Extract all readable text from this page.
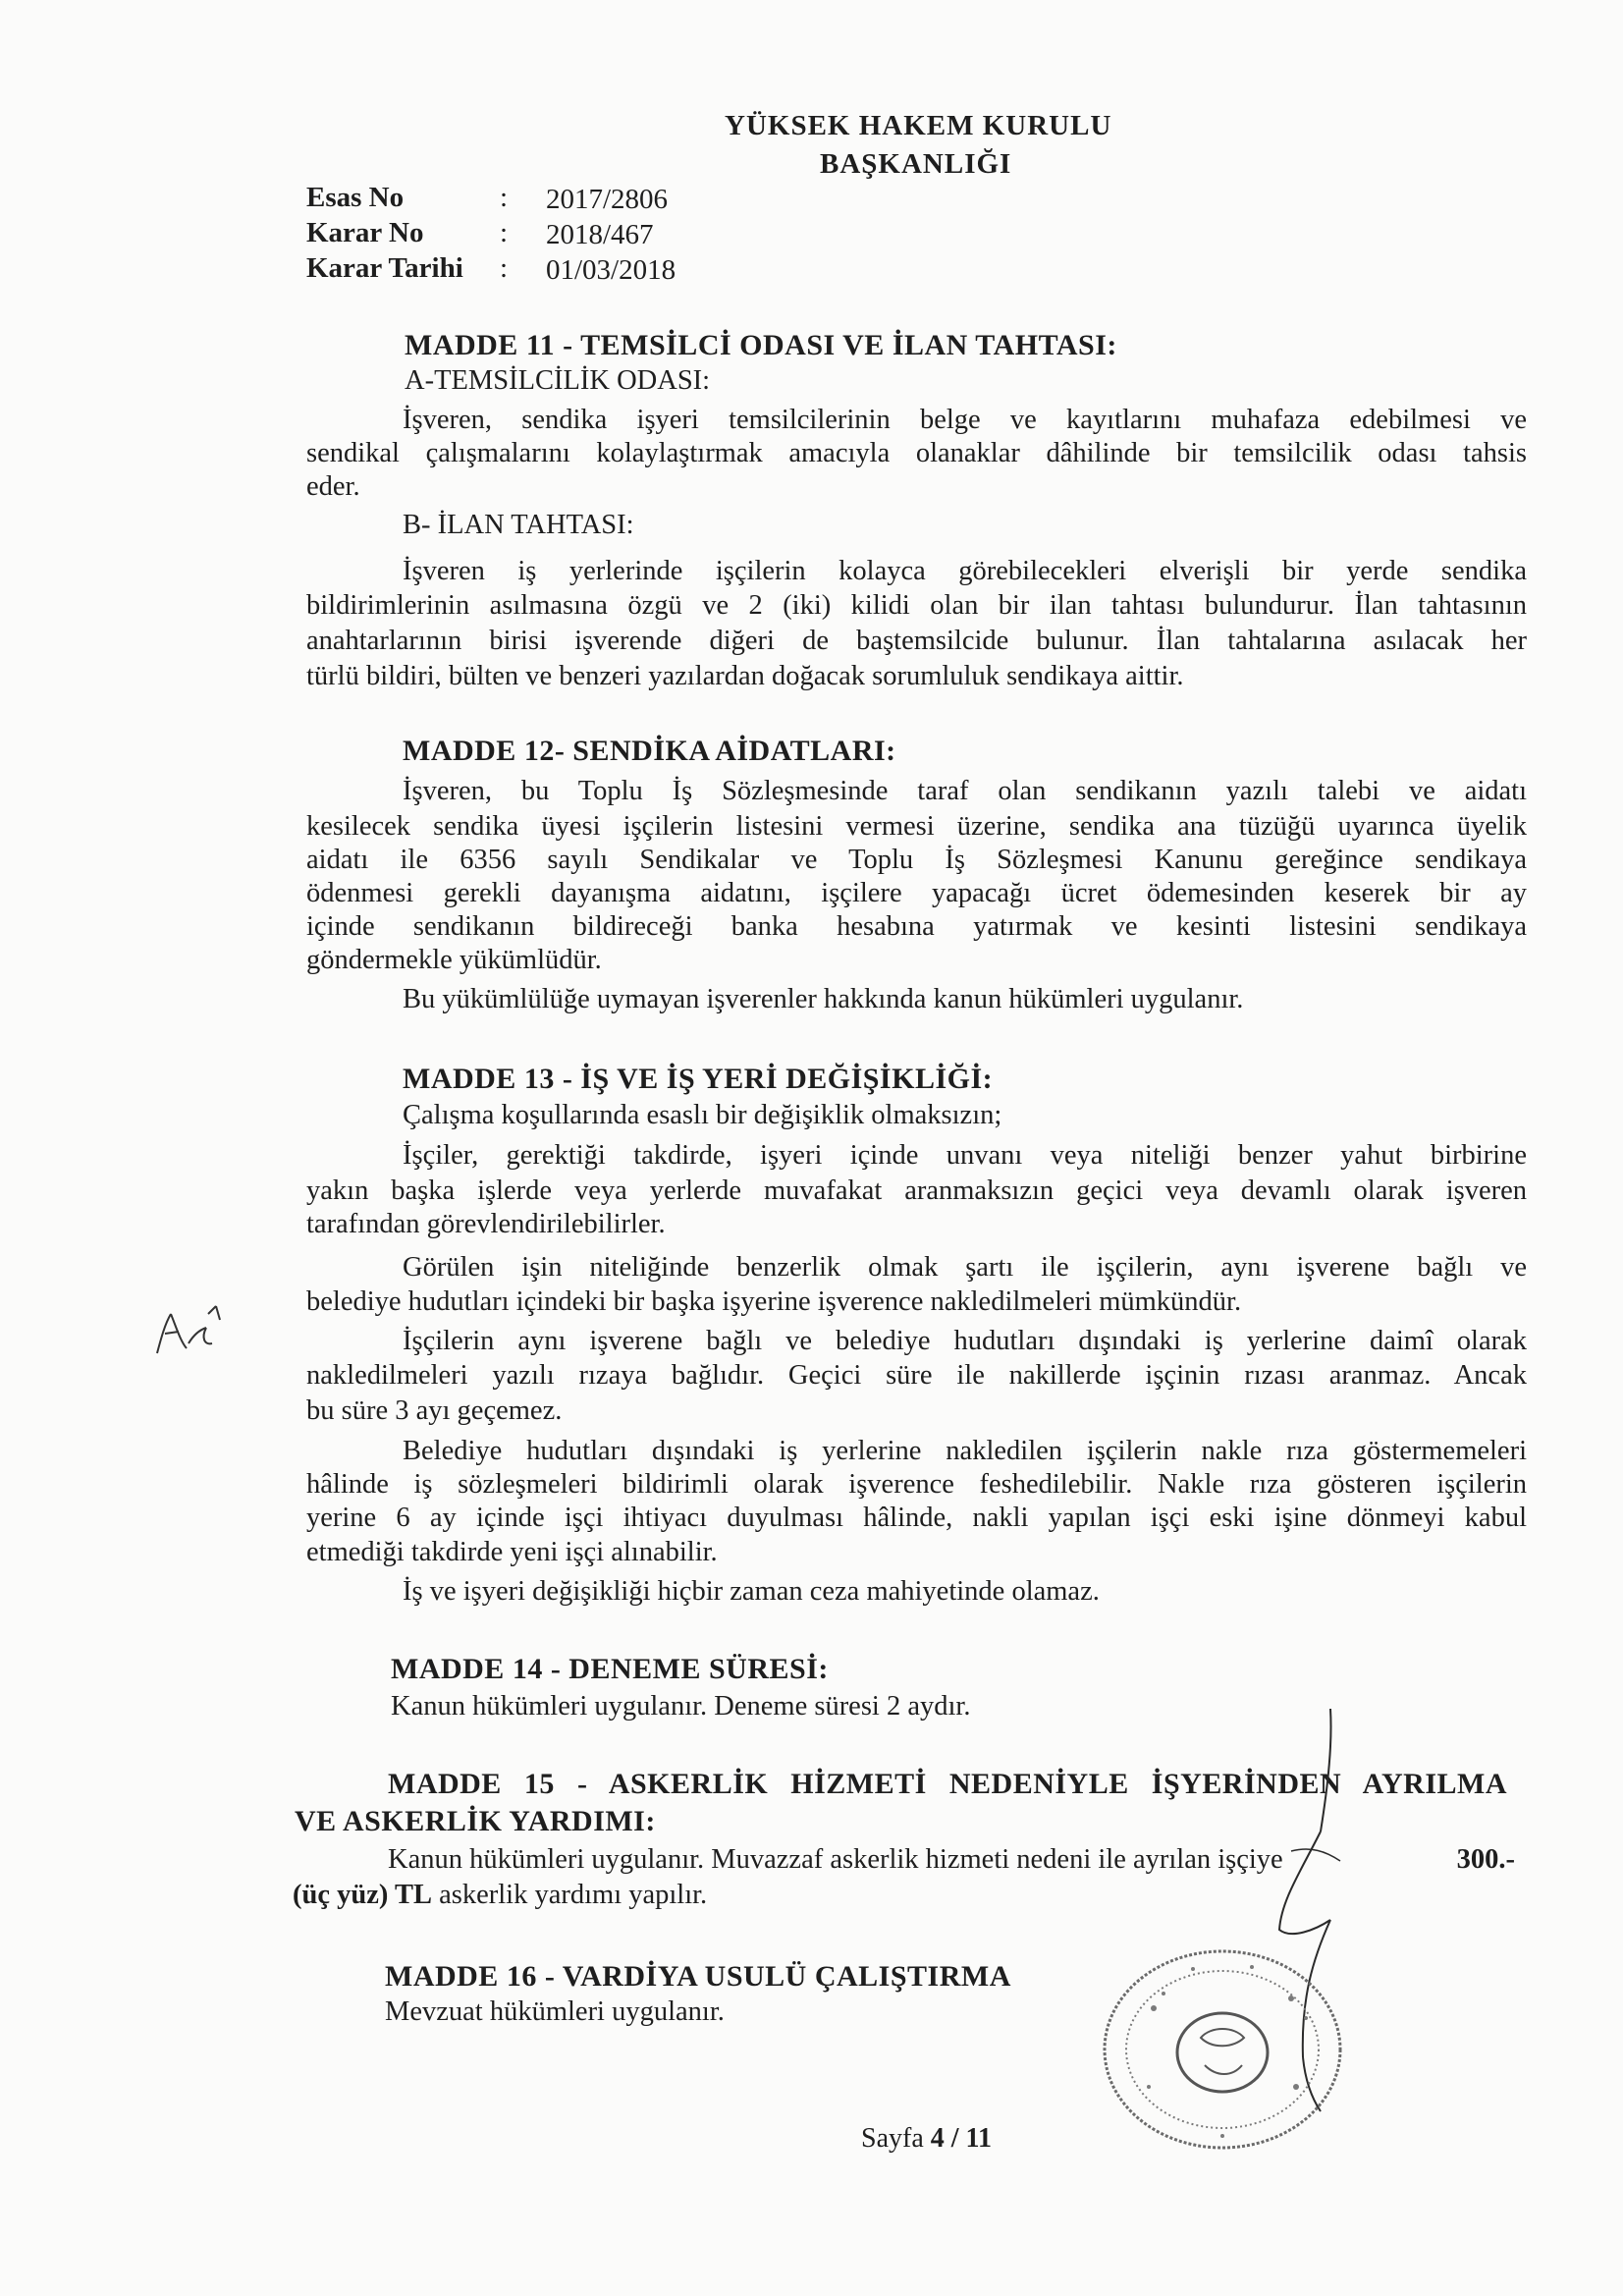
YÜKSEK HAKEM KURULU
BAŞKANLIĞI
Esas No	: 2017/2806
Karar No	: 2018/467
Karar Tarihi : 01/03/2018
MADDE 11 - TEMSİLCİ ODASI VE İLAN TAHTASI:
A-TEMSİLCİLİK ODASI:
İşveren, sendika işyeri temsilcilerinin belge ve kayıtlarını muhafaza edebilmesi ve
sendikal çalışmalarını kolaylaştırmak amacıyla olanaklar dâhilinde bir temsilcilik odası tahsis
eder.
B- İLAN TAHTASI:
İşveren iş yerlerinde işçilerin kolayca görebilecekleri elverişli bir yerde sendika
bildirimlerinin asılmasına özgü ve 2 (iki) kilidi olan bir ilan tahtası bulundurur. İlan tahtasının
anahtarlarının birisi işverende diğeri de baştemsilcide bulunur. İlan tahtalarına asılacak her
türlü bildiri, bülten ve benzeri yazılardan doğacak sorumluluk sendikaya aittir.
MADDE 12- SENDİKA AİDATLARI:
İşveren, bu Toplu İş Sözleşmesinde taraf olan sendikanın yazılı talebi ve aidatı
kesilecek sendika üyesi işçilerin listesini vermesi üzerine, sendika ana tüzüğü uyarınca üyelik
aidatı ile 6356 sayılı Sendikalar ve Toplu İş Sözleşmesi Kanunu gereğince sendikaya
ödenmesi gerekli dayanışma aidatını, işçilere yapacağı ücret ödemesinden keserek bir ay
içinde sendikanın bildireceği banka hesabına yatırmak ve kesinti listesini sendikaya
göndermekle yükümlüdür.
Bu yükümlülüğe uymayan işverenler hakkında kanun hükümleri uygulanır.
MADDE 13 - İŞ VE İŞ YERİ DEĞİŞİKLİĞİ:
Çalışma koşullarında esaslı bir değişiklik olmaksızın;
İşçiler, gerektiği takdirde, işyeri içinde unvanı veya niteliği benzer yahut birbirine
yakın başka işlerde veya yerlerde muvafakat aranmaksızın geçici veya devamlı olarak işveren
tarafından görevlendirilebilirler.
Görülen işin niteliğinde benzerlik olmak şartı ile işçilerin, aynı işverene bağlı ve
belediye hudutları içindeki bir başka işyerine işverence nakledilmeleri mümkündür.
İşçilerin aynı işverene bağlı ve belediye hudutları dışındaki iş yerlerine daimî olarak
nakledilmeleri yazılı rızaya bağlıdır. Geçici süre ile nakillerde işçinin rızası aranmaz. Ancak
bu süre 3 ayı geçemez.
Belediye hudutları dışındaki iş yerlerine nakledilen işçilerin nakle rıza göstermemeleri
hâlinde iş sözleşmeleri bildirimli olarak işverence feshedilebilir. Nakle rıza gösteren işçilerin
yerine 6 ay içinde işçi ihtiyacı duyulması hâlinde, nakli yapılan işçi eski işine dönmeyi kabul
etmediği takdirde yeni işçi alınabilir.
İş ve işyeri değişikliği hiçbir zaman ceza mahiyetinde olamaz.
MADDE 14 - DENEME SÜRESİ:
Kanun hükümleri uygulanır. Deneme süresi 2 aydır.
MADDE 15 - ASKERLİK HİZMETİ NEDENİYLE İŞYERİNDEN AYRILMA
VE ASKERLİK YARDIMI:
Kanun hükümleri uygulanır. Muvazzaf askerlik hizmeti nedeni ile ayrılan işçiye	300.-
(üç yüz) TL askerlik yardımı yapılır.
MADDE 16 - VARDİYA USULÜ ÇALIŞTIRMA
Mevzuat hükümleri uygulanır.
Sayfa 4 / 11
